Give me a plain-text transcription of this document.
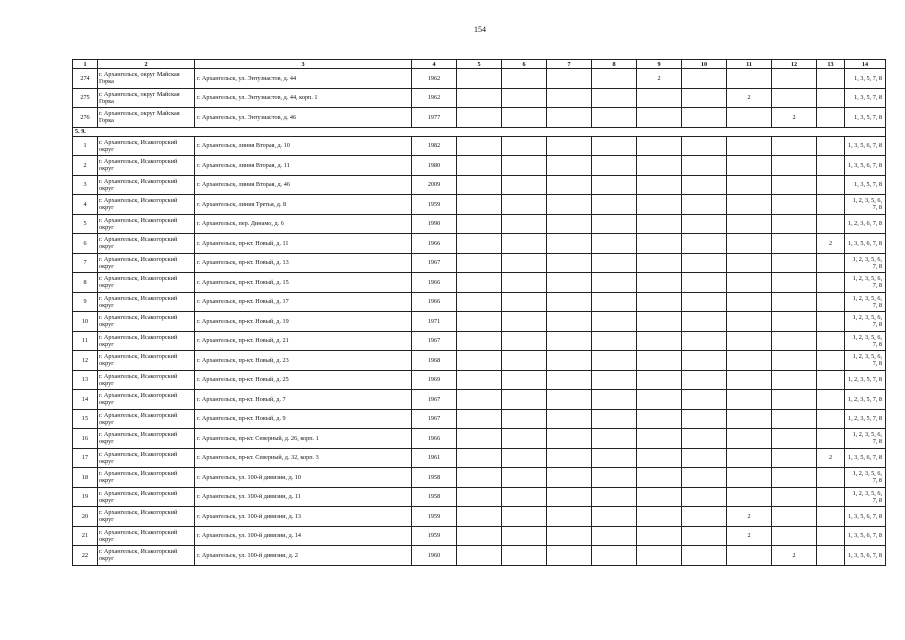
154
1	2	3	4	5	6	7	8	9	10	11	12	13	14
274	г. Архангельск, округ Майская Горка	г. Архангельск, ул. Энтузиастов, д. 44	1962					2					1, 3, 5, 7, 8
275	г. Архангельск, округ Майская Горка	г. Архангельск, ул. Энтузиастов, д. 44, корп. 1	1962							2			1, 3, 5, 7, 8
276	г. Архангельск, округ Майская Горка	г. Архангельск, ул. Энтузиастов, д. 46	1977								2		1, 3, 5, 7, 8
5. 9.													
1	г. Архангельск, Исакогорский округ	г. Архангельск, линия Вторая, д. 10	1982										1, 3, 5, 6, 7, 8
2	г. Архангельск, Исакогорский округ	г. Архангельск, линия Вторая, д. 11	1980										1, 3, 5, 6, 7, 8
3	г. Архангельск, Исакогорский округ	г. Архангельск, линия Вторая, д. 46	2009										1, 3, 5, 7, 8
4	г. Архангельск, Исакогорский округ	г. Архангельск, линия Третья, д. 8	1959										1, 2, 3, 5, 6, 7, 8
5	г. Архангельск, Исакогорский округ	г. Архангельск, пер. Динамо, д. 6	1990										1, 2, 3, 6, 7, 8
6	г. Архангельск, Исакогорский округ	г. Архангельск, пр-кт. Новый, д. 11	1966									2	1, 3, 5, 6, 7, 8
7	г. Архангельск, Исакогорский округ	г. Архангельск, пр-кт. Новый, д. 13	1967										1, 2, 3, 5, 6, 7, 8
8	г. Архангельск, Исакогорский округ	г. Архангельск, пр-кт. Новый, д. 15	1966										1, 2, 3, 5, 6, 7, 8
9	г. Архангельск, Исакогорский округ	г. Архангельск, пр-кт. Новый, д. 17	1966										1, 2, 3, 5, 6, 7, 8
10	г. Архангельск, Исакогорский округ	г. Архангельск, пр-кт. Новый, д. 19	1971										1, 2, 3, 5, 6, 7, 8
11	г. Архангельск, Исакогорский округ	г. Архангельск, пр-кт. Новый, д. 21	1967										1, 2, 3, 5, 6, 7, 8
12	г. Архангельск, Исакогорский округ	г. Архангельск, пр-кт. Новый, д. 23	1968										1, 2, 3, 5, 6, 7, 8
13	г. Архангельск, Исакогорский округ	г. Архангельск, пр-кт. Новый, д. 25	1969										1, 2, 3, 5, 7, 8
14	г. Архангельск, Исакогорский округ	г. Архангельск, пр-кт. Новый, д. 7	1967										1, 2, 3, 5, 7, 8
15	г. Архангельск, Исакогорский округ	г. Архангельск, пр-кт. Новый, д. 9	1967										1, 2, 3, 5, 7, 8
16	г. Архангельск, Исакогорский округ	г. Архангельск, пр-кт. Северный, д. 26, корп. 1	1966										1, 2, 3, 5, 6, 7, 8
17	г. Архангельск, Исакогорский округ	г. Архангельск, пр-кт. Северный, д. 32, корп. 3	1961									2	1, 3, 5, 6, 7, 8
18	г. Архангельск, Исакогорский округ	г. Архангельск, ул. 100-й дивизии, д. 10	1958										1, 2, 3, 5, 6, 7, 8
19	г. Архангельск, Исакогорский округ	г. Архангельск, ул. 100-й дивизии, д. 11	1958										1, 2, 3, 5, 6, 7, 8
20	г. Архангельск, Исакогорский округ	г. Архангельск, ул. 100-й дивизии, д. 13	1959							2			1, 3, 5, 6, 7, 8
21	г. Архангельск, Исакогорский округ	г. Архангельск, ул. 100-й дивизии, д. 14	1959							2			1, 3, 5, 6, 7, 8
22	г. Архангельск, Исакогорский округ	г. Архангельск, ул. 100-й дивизии, д. 2	1960								2		1, 3, 5, 6, 7, 8
